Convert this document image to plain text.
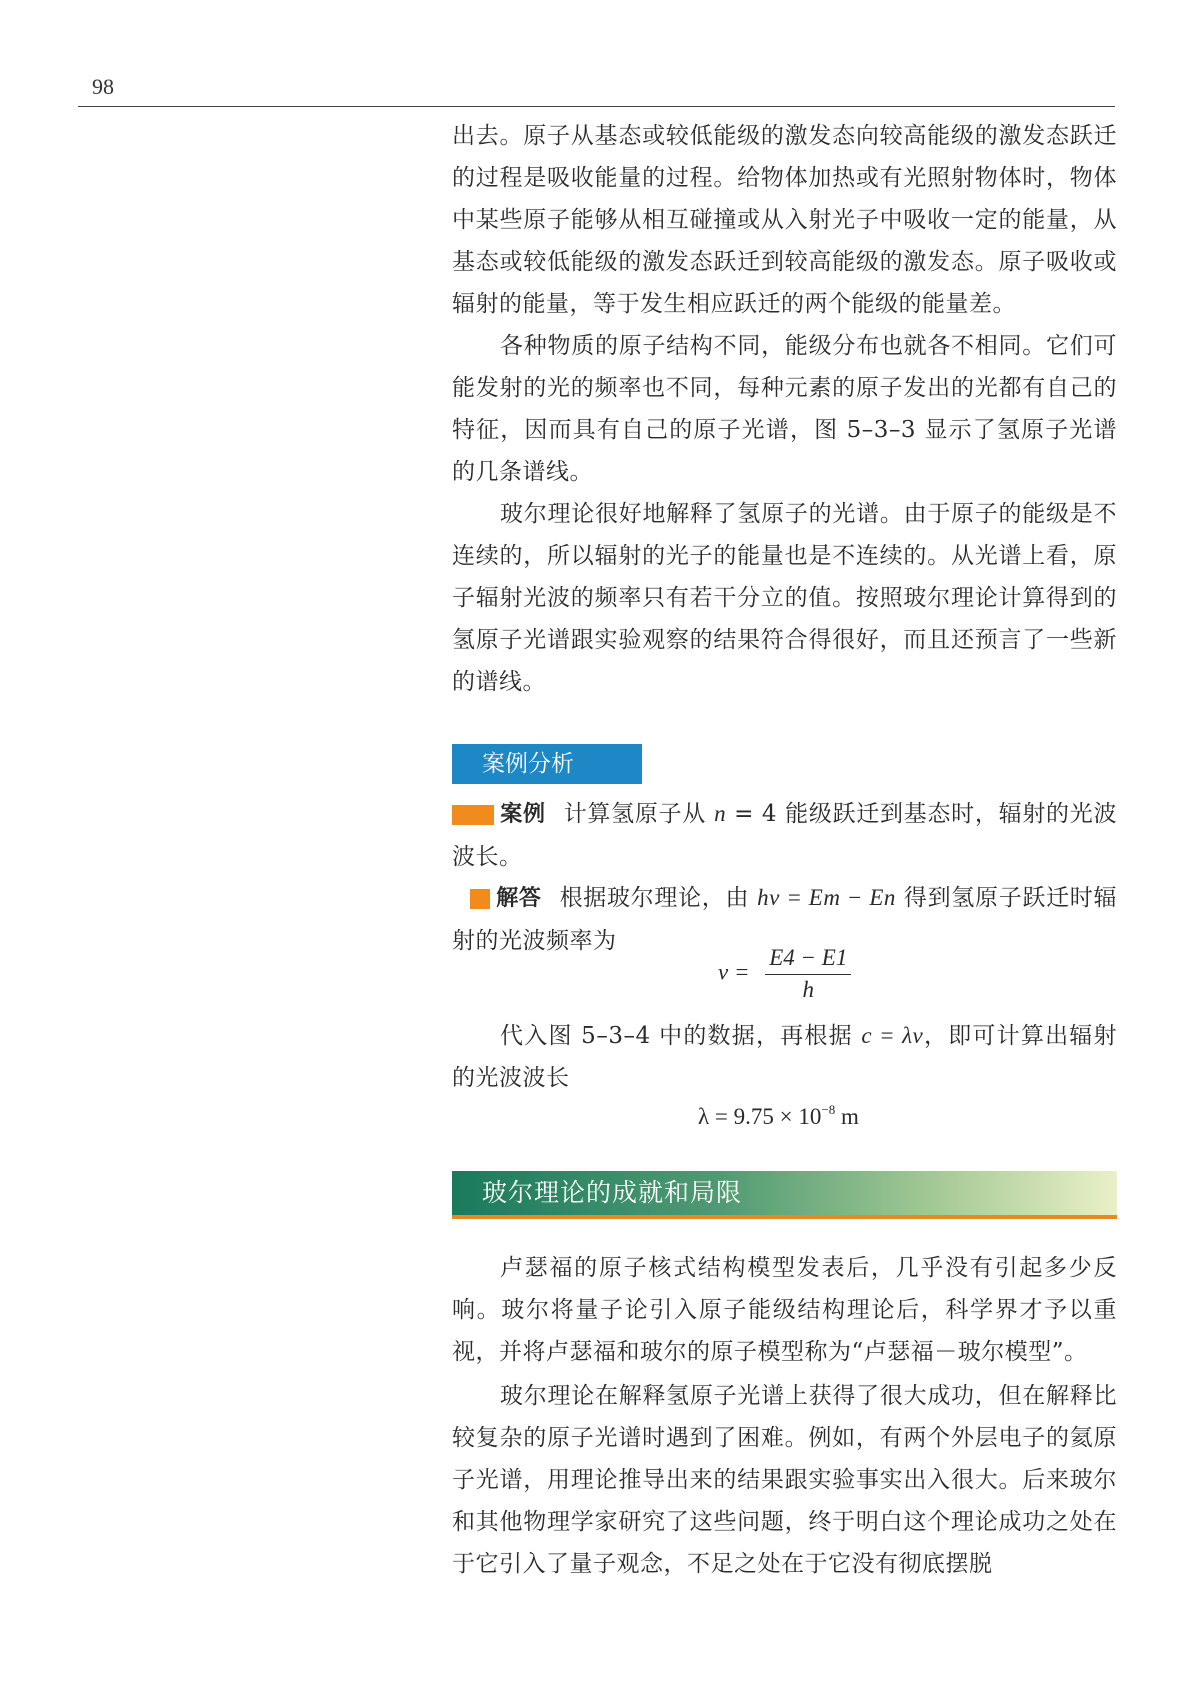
98

出去。原子从基态或较低能级的激发态向较高能级的激发态跃迁的过程是吸收能量的过程。给物体加热或有光照射物体时，物体中某些原子能够从相互碰撞或从入射光子中吸收一定的能量，从基态或较低能级的激发态跃迁到较高能级的激发态。原子吸收或辐射的能量，等于发生相应跃迁的两个能级的能量差。

各种物质的原子结构不同，能级分布也就各不相同。它们可能发射的光的频率也不同，每种元素的原子发出的光都有自己的特征，因而具有自己的原子光谱，图 5–3–3 显示了氢原子光谱的几条谱线。

玻尔理论很好地解释了氢原子的光谱。由于原子的能级是不连续的，所以辐射的光子的能量也是不连续的。从光谱上看，原子辐射光波的频率只有若干分立的值。按照玻尔理论计算得到的氢原子光谱跟实验观察的结果符合得很好，而且还预言了一些新的谱线。

案例分析

案例 计算氢原子从 n = 4 能级跃迁到基态时，辐射的光波波长。

解答 根据玻尔理论，由 hν = Em − En 得到氢原子跃迁时辐射的光波频率为

$\nu = \frac{E4 - E1}{h}$

代入图 5–3–4 中的数据，再根据 c = λν，即可计算出辐射的光波波长

$\lambda = 9.75 \times 10^{-8}$ m
玻尔理论的成就和局限

卢瑟福的原子核式结构模型发表后，几乎没有引起多少反响。玻尔将量子论引入原子能级结构理论后，科学界才予以重视，并将卢瑟福和玻尔的原子模型称为“卢瑟福－玻尔模型”。

玻尔理论在解释氢原子光谱上获得了很大成功，但在解释比较复杂的原子光谱时遇到了困难。例如，有两个外层电子的氦原子光谱，用理论推导出来的结果跟实验事实出入很大。后来玻尔和其他物理学家研究了这些问题，终于明白这个理论成功之处在于它引入了量子观念，不足之处在于它没有彻底摆脱
